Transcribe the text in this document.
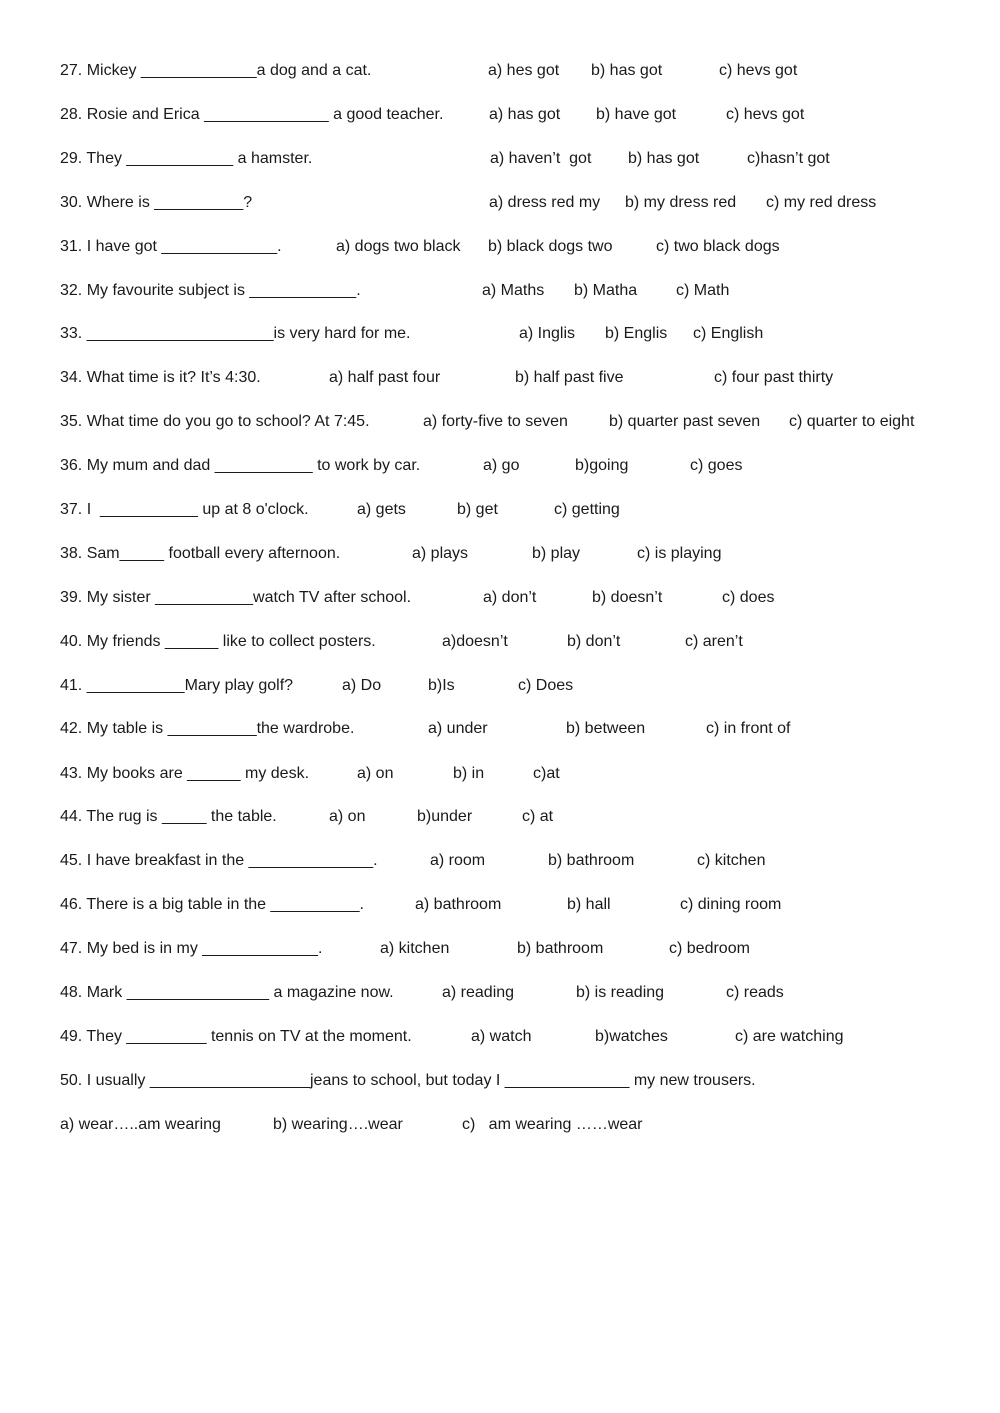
27. Mickey _____________a dog and a cat.	a) hes got b) has got	c) hevs got
28. Rosie and Erica ______________ a good teacher.	a) has got b) have got	c) hevs got
29. They ____________ a hamster.	a) haven’t  got b) has got	c)hasn’t got
30. Where is __________?	a) dress red my b) my dress red c) my red dress
31. I have got _____________.	a) dogs two black b) black dogs two	c) two black dogs
32. My favourite subject is ____________.	a) Maths b) Matha c) Math
33. _____________________is very hard for me.	a) Inglis b) Englis c) English
34. What time is it? It’s 4:30.	a) half past four	b) half past five	c) four past thirty
35. What time do you go to school? At 7:45.	a) forty-five to seven	b) quarter past seven c) quarter to eight
36. My mum and dad ___________ to work by car.	a) go	b)going	c) goes
37. I  ___________ up at 8 o'clock.	a) gets	b) get	c) getting
38. Sam_____ football every afternoon.	a) plays	b) play	c) is playing
39. My sister ___________watch TV after school.	a) don’t	b) doesn’t	c) does
40. My friends ______ like to collect posters.	a)doesn’t	b) don’t	c) aren’t
41. ___________Mary play golf?	a) Do	b)Is	c) Does
42. My table is __________the wardrobe.	a) under	b) between	c) in front of
43. My books are ______ my desk.	a) on	b) in	c)at
44. The rug is _____ the table.	a) on	b)under	c) at
45. I have breakfast in the ______________.	a) room	b) bathroom	c) kitchen
46. There is a big table in the __________.	a) bathroom	b) hall	c) dining room
47. My bed is in my _____________.	a) kitchen	b) bathroom	c) bedroom
48. Mark ________________ a magazine now.	a) reading	b) is reading	c) reads
49. They _________ tennis on TV at the moment.	a) watch	b)watches	c) are watching
50. I usually __________________jeans to school, but today I ______________ my new trousers.
a) wear…..am wearing	b) wearing….wear	c)   am wearing ……wear
